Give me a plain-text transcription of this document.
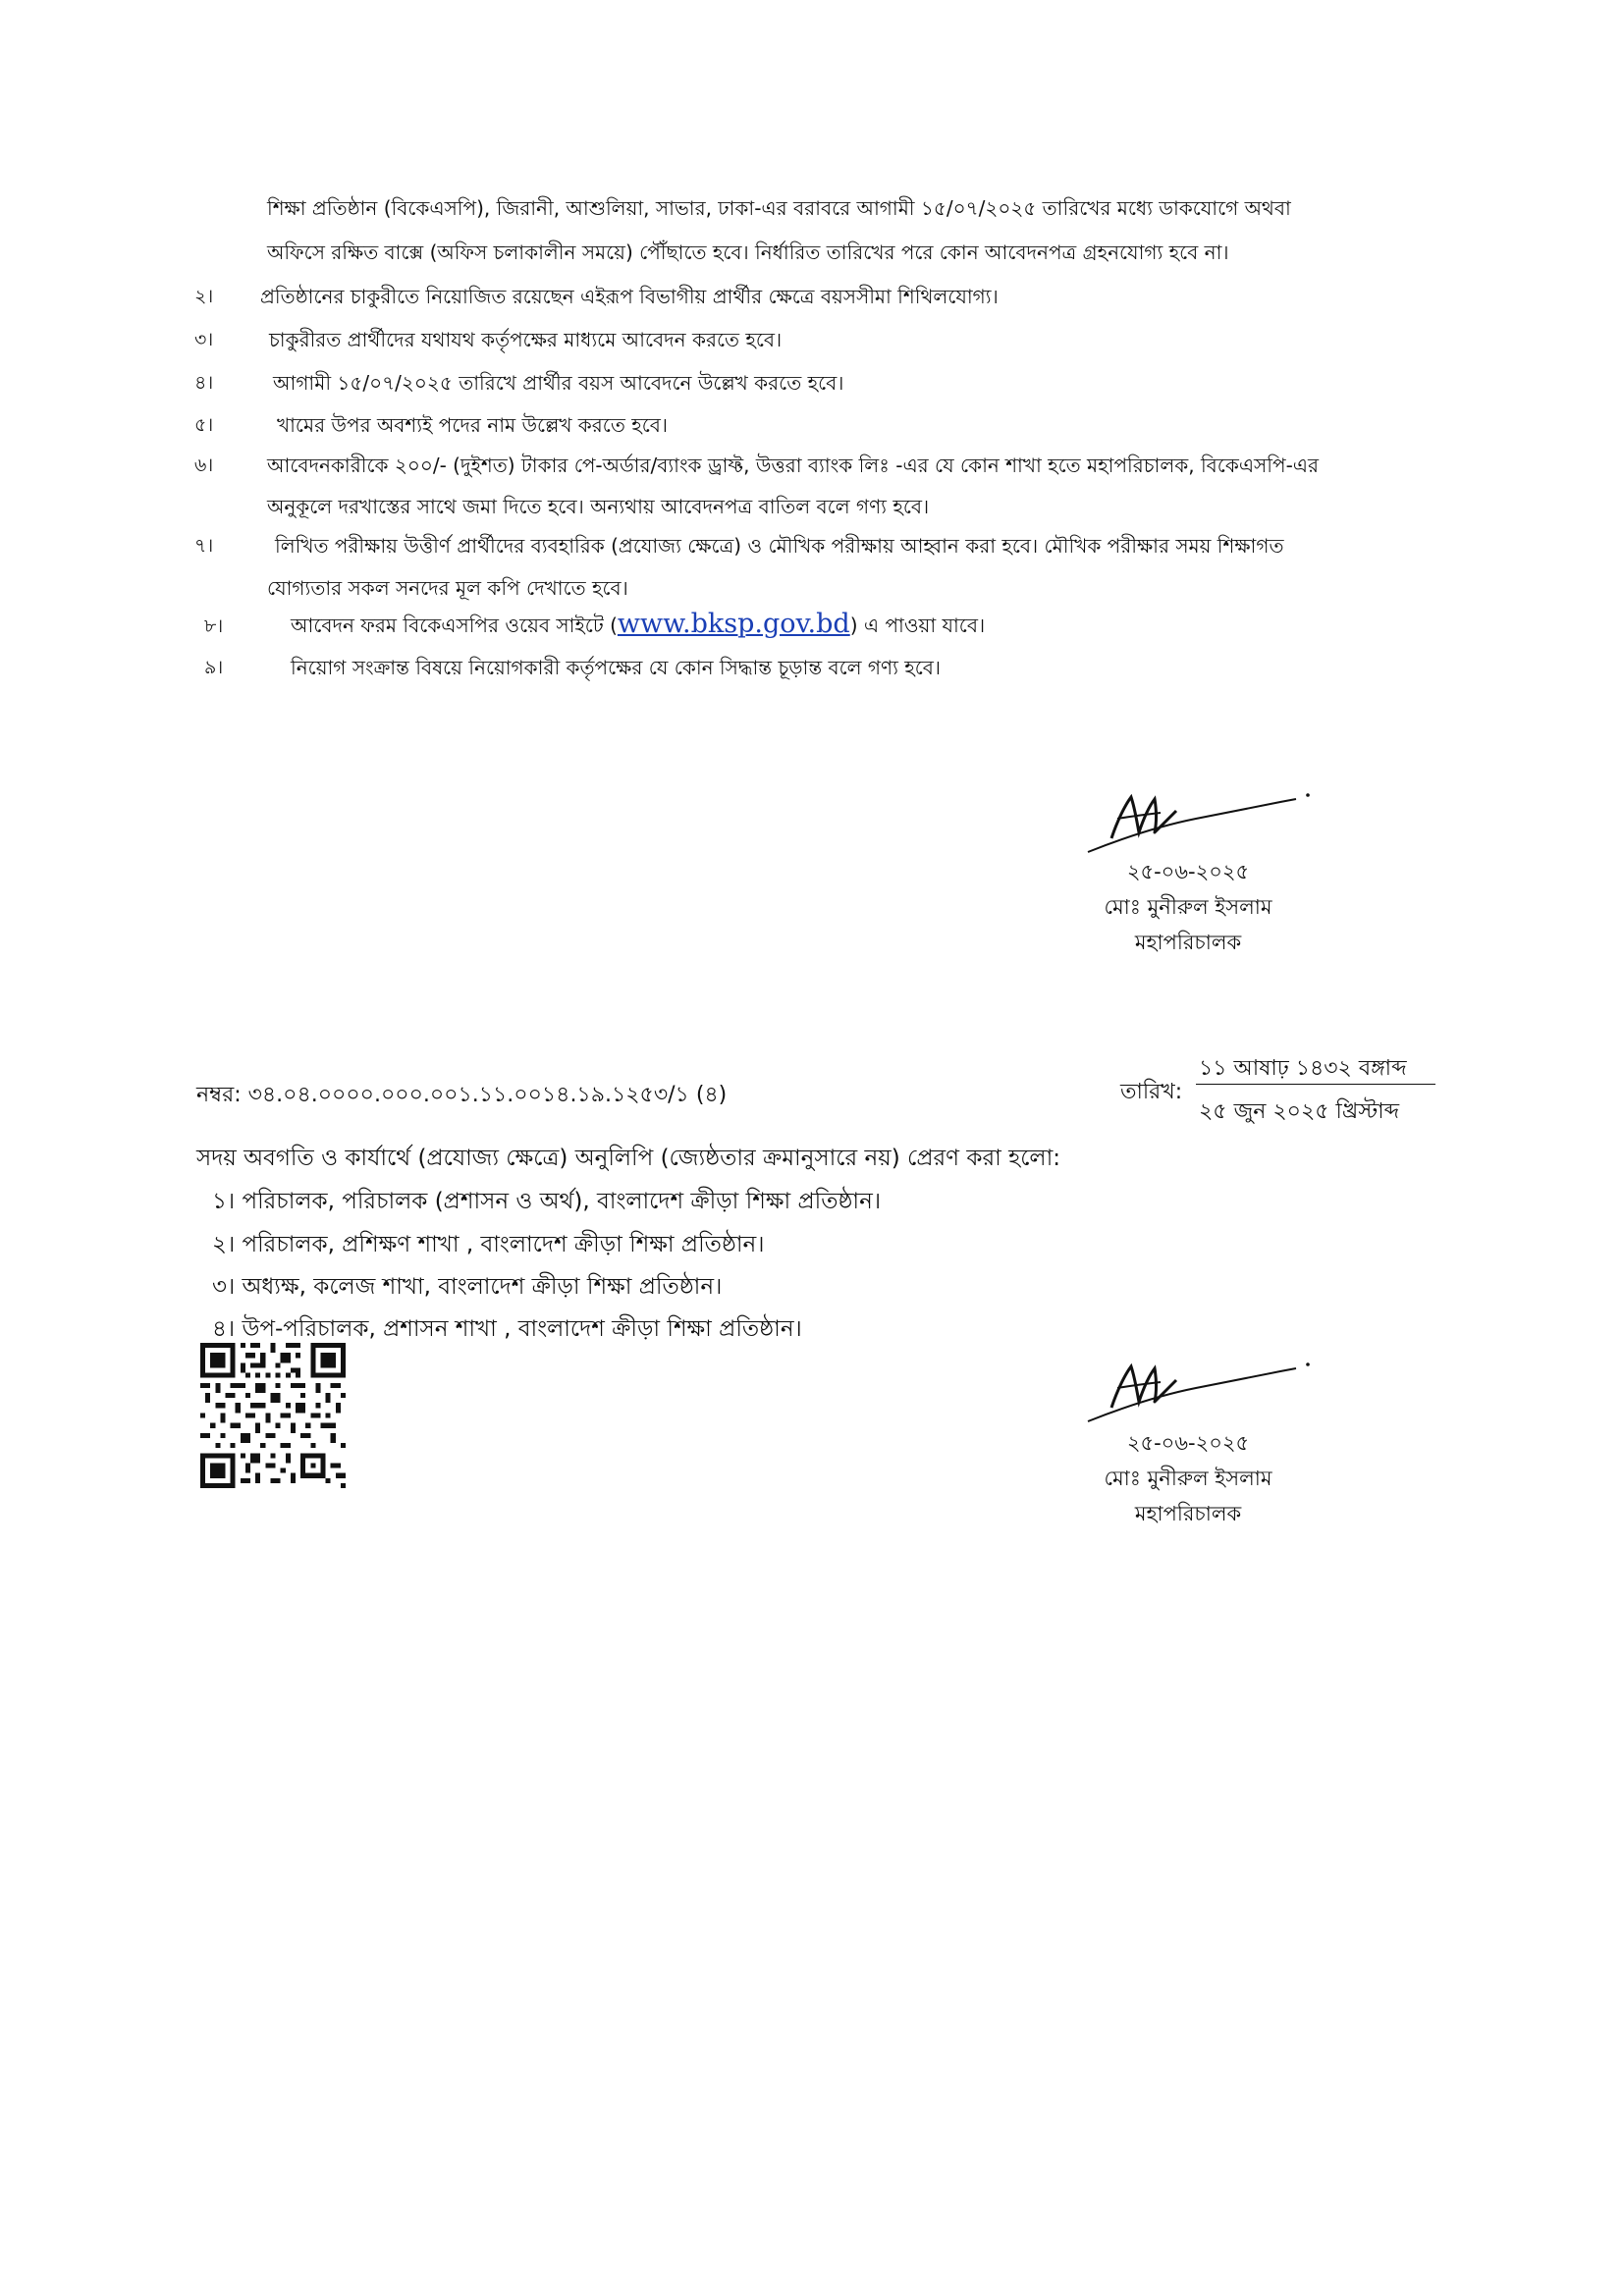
শিক্ষা প্রতিষ্ঠান (বিকেএসপি), জিরানী, আশুলিয়া, সাভার, ঢাকা-এর বরাবরে আগামী ১৫/০৭/২০২৫ তারিখের মধ্যে ডাকযোগে অথবা
অফিসে রক্ষিত বাক্সে (অফিস চলাকালীন সময়ে) পৌঁছাতে হবে। নির্ধারিত তারিখের পরে কোন আবেদনপত্র গ্রহনযোগ্য হবে না।
২। প্রতিষ্ঠানের চাকুরীতে নিয়োজিত রয়েছেন এইরূপ বিভাগীয় প্রার্থীর ক্ষেত্রে বয়সসীমা শিথিলযোগ্য।
৩।	চাকুরীরত প্রার্থীদের যথাযথ কর্তৃপক্ষের মাধ্যমে আবেদন করতে হবে।
৪।	আগামী ১৫/০৭/২০২৫ তারিখে প্রার্থীর বয়স আবেদনে উল্লেখ করতে হবে।
৫।	খামের উপর অবশ্যই পদের নাম উল্লেখ করতে হবে।
৬।	আবেদনকারীকে ২০০/- (দুইশত) টাকার পে-অর্ডার/ব্যাংক ড্রাফ্ট, উত্তরা ব্যাংক লিঃ -এর যে কোন শাখা হতে মহাপরিচালক, বিকেএসপি-এর
অনুকূলে দরখাস্তের সাথে জমা দিতে হবে। অন্যথায় আবেদনপত্র বাতিল বলে গণ্য হবে।
৭।	লিখিত পরীক্ষায় উত্তীর্ণ প্রার্থীদের ব্যবহারিক (প্রযোজ্য ক্ষেত্রে) ও মৌখিক পরীক্ষায় আহ্বান করা হবে। মৌখিক পরীক্ষার সময় শিক্ষাগত
যোগ্যতার সকল সনদের মূল কপি দেখাতে হবে।
৮।	আবেদন ফরম বিকেএসপির ওয়েব সাইটে (www.bksp.gov.bd) এ পাওয়া যাবে।
৯।	নিয়োগ সংক্রান্ত বিষয়ে নিয়োগকারী কর্তৃপক্ষের যে কোন সিদ্ধান্ত চূড়ান্ত বলে গণ্য হবে।
২৫-০৬-২০২৫
মোঃ মুনীরুল ইসলাম
মহাপরিচালক
নম্বর: ৩৪.০৪.০০০০.০০০.০০১.১১.০০১৪.১৯.১২৫৩/১ (৪)	তারিখ:
১১ আষাঢ় ১৪৩২ বঙ্গাব্দ
২৫ জুন ২০২৫ খ্রিস্টাব্দ
সদয় অবগতি ও কার্যার্থে (প্রযোজ্য ক্ষেত্রে) অনুলিপি (জ্যেষ্ঠতার ক্রমানুসারে নয়) প্রেরণ করা হলো:
১। পরিচালক, পরিচালক (প্রশাসন ও অর্থ), বাংলাদেশ ক্রীড়া শিক্ষা প্রতিষ্ঠান।
২। পরিচালক, প্রশিক্ষণ শাখা , বাংলাদেশ ক্রীড়া শিক্ষা প্রতিষ্ঠান।
৩। অধ্যক্ষ, কলেজ শাখা, বাংলাদেশ ক্রীড়া শিক্ষা প্রতিষ্ঠান।
৪। উপ-পরিচালক, প্রশাসন শাখা , বাংলাদেশ ক্রীড়া শিক্ষা প্রতিষ্ঠান।
২৫-০৬-২০২৫
মোঃ মুনীরুল ইসলাম
মহাপরিচালক
